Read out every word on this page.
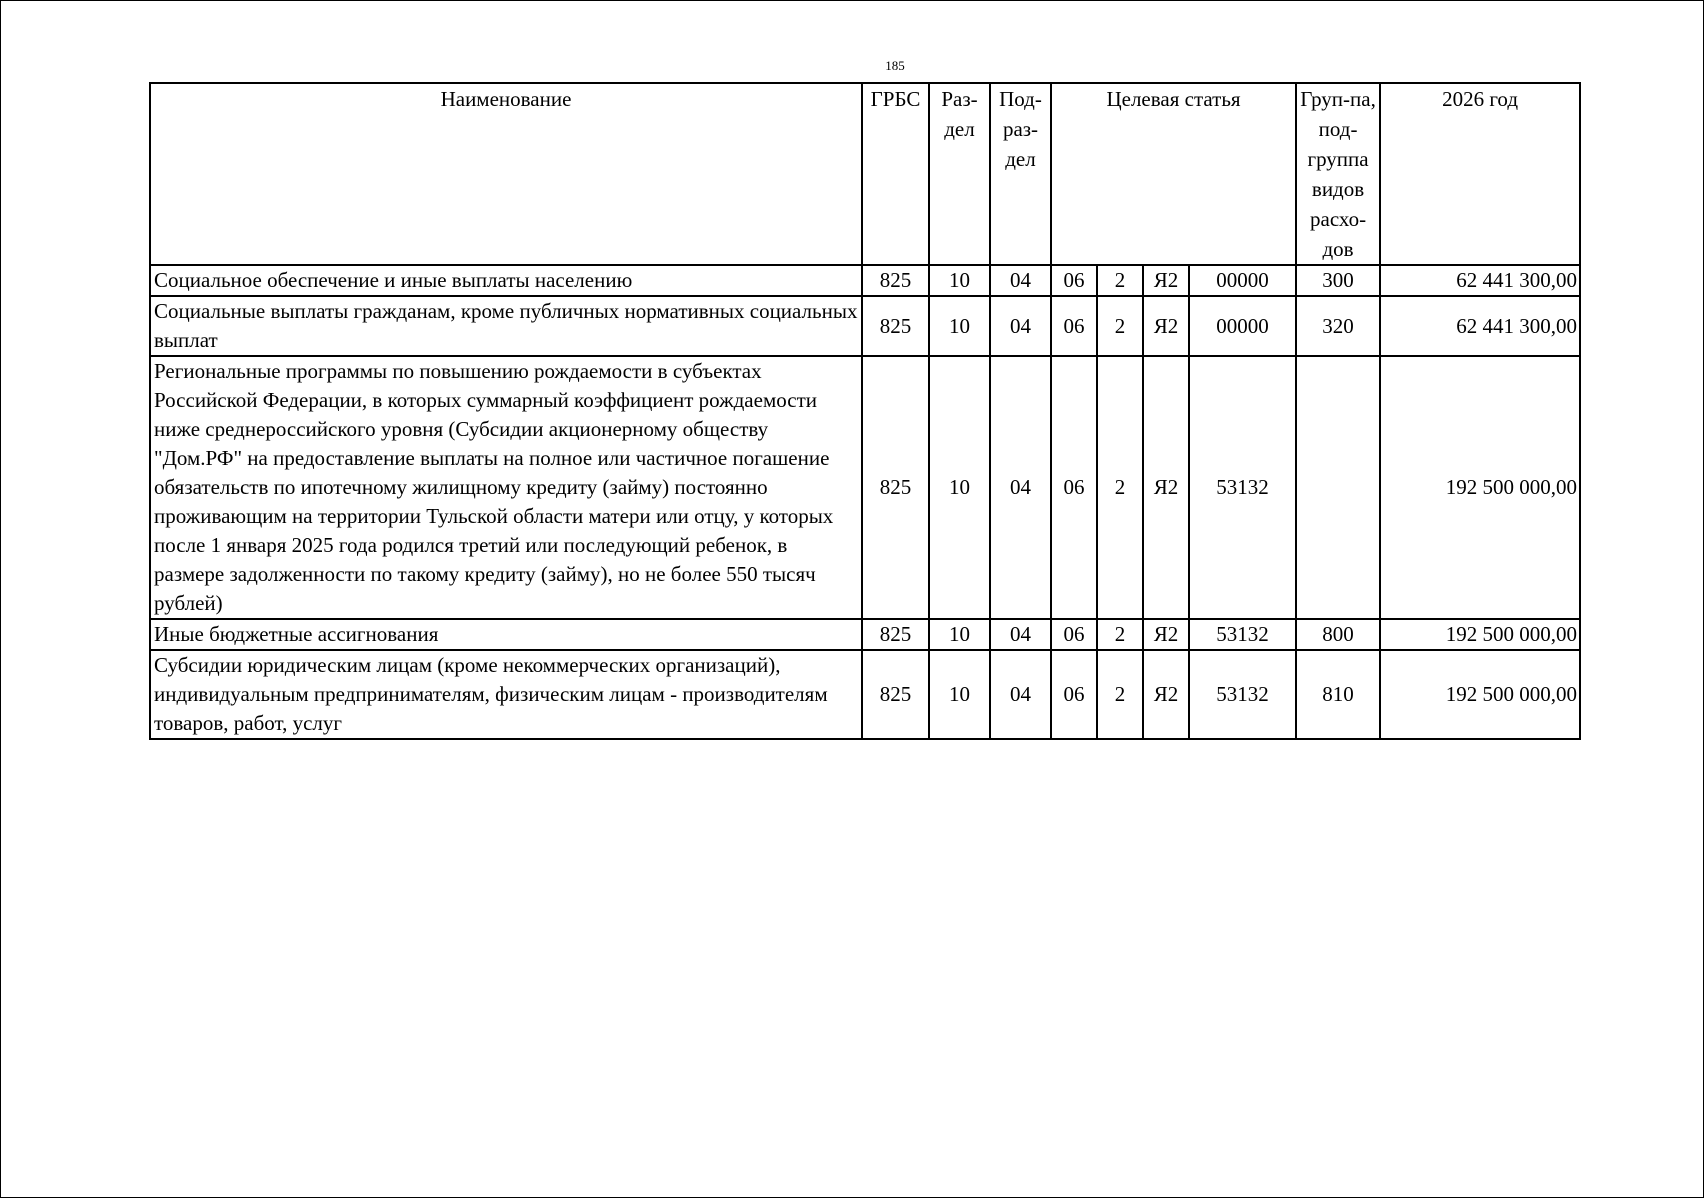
185
Наименование	ГРБС	Раз-дел	Под-раз-дел	Целевая статья				Груп-па, под-группа видов расхо-дов	2026 год
Социальное обеспечение и иные выплаты населению	825	10	04	06	2	Я2	00000	300	62 441 300,00
Социальные выплаты гражданам, кроме публичных нормативных социальных выплат	825	10	04	06	2	Я2	00000	320	62 441 300,00
Региональные программы по повышению рождаемости в субъектах Российской Федерации, в которых суммарный коэффициент рождаемости ниже среднероссийского уровня (Субсидии акционерному обществу "Дом.РФ" на предоставление выплаты на полное или частичное погашение обязательств по ипотечному жилищному кредиту (займу) постоянно проживающим на территории Тульской области матери или отцу, у которых после 1 января 2025 года родился третий или последующий ребенок, в размере задолженности по такому кредиту (займу), но не более 550 тысяч рублей)	825	10	04	06	2	Я2	53132		192 500 000,00
Иные бюджетные ассигнования	825	10	04	06	2	Я2	53132	800	192 500 000,00
Субсидии юридическим лицам (кроме некоммерческих организаций), индивидуальным предпринимателям, физическим лицам - производителям товаров, работ, услуг	825	10	04	06	2	Я2	53132	810	192 500 000,00
